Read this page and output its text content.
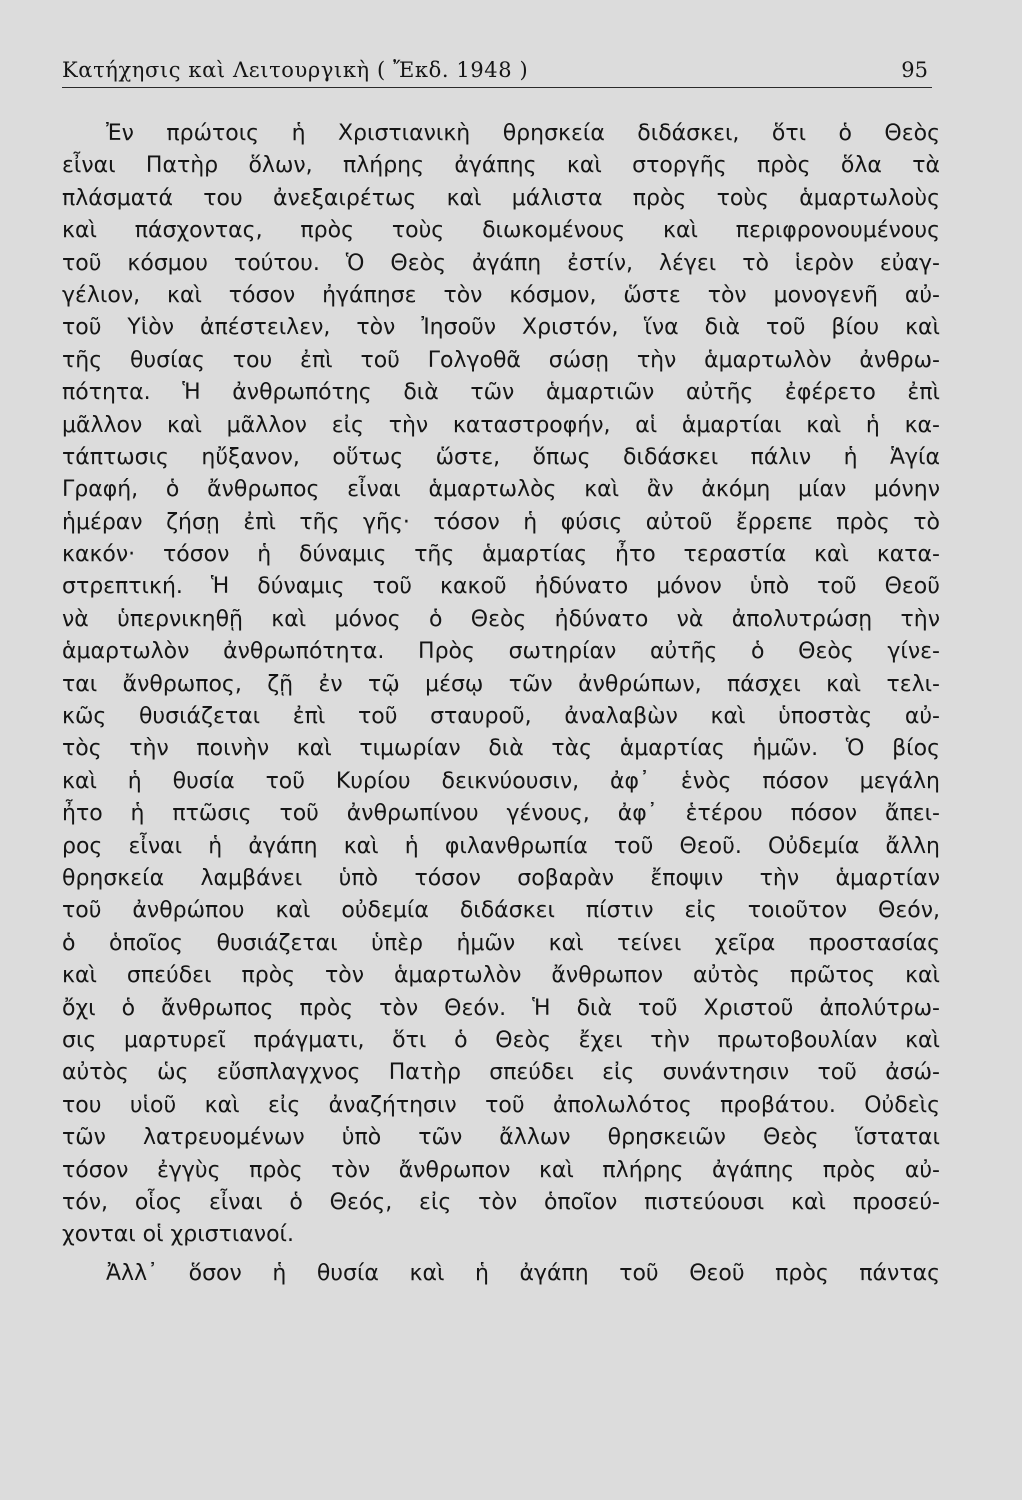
Κατήχησις καὶ Λειτουργικὴ ( Ἔκδ. 1948 )	95
Ἐν πρώτοις ἡ Χριστιανικὴ θρησκεία διδάσκει, ὅτι ὁ Θεὸς
εἶναι Πατὴρ ὅλων, πλήρης ἀγάπης καὶ στοργῆς πρὸς ὅλα τὰ
πλάσματά του ἀνεξαιρέτως καὶ μάλιστα πρὸς τοὺς ἁμαρτωλοὺς
καὶ πάσχοντας, πρὸς τοὺς διωκομένους καὶ περιφρονουμένους
τοῦ κόσμου τούτου. Ὁ Θεὸς ἀγάπη ἐστίν, λέγει τὸ ἱερὸν εὐαγ-
γέλιον, καὶ τόσον ἠγάπησε τὸν κόσμον, ὥστε τὸν μονογενῆ αὐ-
τοῦ Υἱὸν ἀπέστειλεν, τὸν Ἰησοῦν Χριστόν, ἵνα διὰ τοῦ βίου καὶ
τῆς θυσίας του ἐπὶ τοῦ Γολγοθᾶ σώσῃ τὴν ἁμαρτωλὸν ἀνθρω-
πότητα. Ἡ ἀνθρωπότης διὰ τῶν ἁμαρτιῶν αὐτῆς ἐφέρετο ἐπὶ
μᾶλλον καὶ μᾶλλον εἰς τὴν καταστροφήν, αἱ ἁμαρτίαι καὶ ἡ κα-
τάπτωσις ηὔξανον, οὕτως ὥστε, ὅπως διδάσκει πάλιν ἡ Ἁγία
Γραφή, ὁ ἄνθρωπος εἶναι ἁμαρτωλὸς καὶ ἂν ἀκόμη μίαν μόνην
ἡμέραν ζήσῃ ἐπὶ τῆς γῆς· τόσον ἡ φύσις αὐτοῦ ἔρρεπε πρὸς τὸ
κακόν· τόσον ἡ δύναμις τῆς ἁμαρτίας ἦτο τεραστία καὶ κατα-
στρεπτική. Ἡ δύναμις τοῦ κακοῦ ἠδύνατο μόνον ὑπὸ τοῦ Θεοῦ
νὰ ὑπερνικηθῇ καὶ μόνος ὁ Θεὸς ἠδύνατο νὰ ἀπολυτρώσῃ τὴν
ἁμαρτωλὸν ἀνθρωπότητα. Πρὸς σωτηρίαν αὐτῆς ὁ Θεὸς γίνε-
ται ἄνθρωπος, ζῇ ἐν τῷ μέσῳ τῶν ἀνθρώπων, πάσχει καὶ τελι-
κῶς θυσιάζεται ἐπὶ τοῦ σταυροῦ, ἀναλαβὼν καὶ ὑποστὰς αὐ-
τὸς τὴν ποινὴν καὶ τιμωρίαν διὰ τὰς ἁμαρτίας ἡμῶν. Ὁ βίος
καὶ ἡ θυσία τοῦ Κυρίου δεικνύουσιν, ἀφ᾽ ἑνὸς πόσον μεγάλη
ἦτο ἡ πτῶσις τοῦ ἀνθρωπίνου γένους, ἀφ᾽ ἑτέρου πόσον ἄπει-
ρος εἶναι ἡ ἀγάπη καὶ ἡ φιλανθρωπία τοῦ Θεοῦ. Οὐδεμία ἄλλη
θρησκεία λαμβάνει ὑπὸ τόσον σοβαρὰν ἔποψιν τὴν ἁμαρτίαν
τοῦ ἀνθρώπου καὶ οὐδεμία διδάσκει πίστιν εἰς τοιοῦτον Θεόν,
ὁ ὁποῖος θυσιάζεται ὑπὲρ ἡμῶν καὶ τείνει χεῖρα προστασίας
καὶ σπεύδει πρὸς τὸν ἁμαρτωλὸν ἄνθρωπον αὐτὸς πρῶτος καὶ
ὄχι ὁ ἄνθρωπος πρὸς τὸν Θεόν. Ἡ διὰ τοῦ Χριστοῦ ἀπολύτρω-
σις μαρτυρεῖ πράγματι, ὅτι ὁ Θεὸς ἔχει τὴν πρωτοβουλίαν καὶ
αὐτὸς ὡς εὔσπλαγχνος Πατὴρ σπεύδει εἰς συνάντησιν τοῦ ἀσώ-
του υἱοῦ καὶ εἰς ἀναζήτησιν τοῦ ἀπολωλότος προβάτου. Οὐδεὶς
τῶν λατρευομένων ὑπὸ τῶν ἄλλων θρησκειῶν Θεὸς ἵσταται
τόσον ἐγγὺς πρὸς τὸν ἄνθρωπον καὶ πλήρης ἀγάπης πρὸς αὐ-
τόν, οἷος εἶναι ὁ Θεός, εἰς τὸν ὁποῖον πιστεύουσι καὶ προσεύ-
χονται οἱ χριστιανοί.
Ἀλλ᾽ ὅσον ἡ θυσία καὶ ἡ ἀγάπη τοῦ Θεοῦ πρὸς πάντας
